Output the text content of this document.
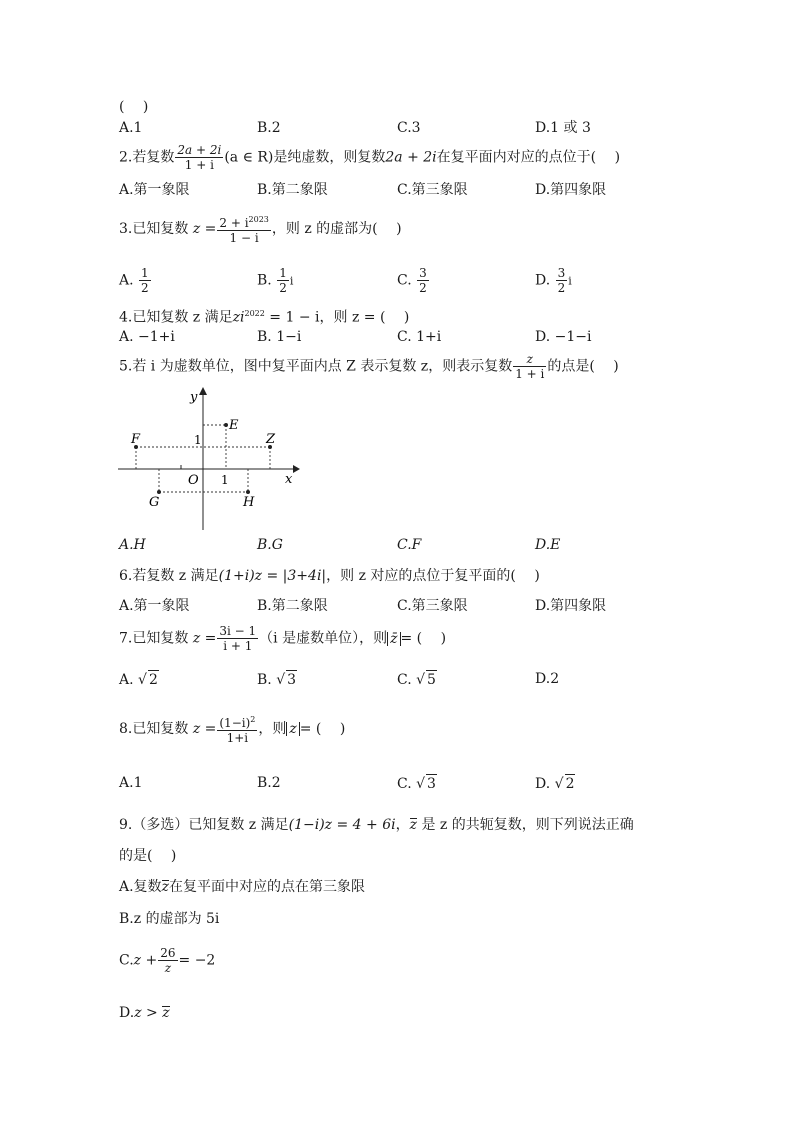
(　 )
A.1	B.2	C.3	D.1 或 3
2.若复数 $\frac{2a + 2i}{1 + i} (a$ ∈ R)是纯虚数，则复数2a + 2i在复平面内对应的点位于(　 )
A.第一象限	B.第二象限	C.第三象限	D.第四象限
3.已知复数 $z = \frac{2 + i^{2023}}{1 - i}$ ，则 z 的虚部为(　 )
A. $\frac{1}{2}$	B. $\frac{1}{2}$ i	C. $\frac{3}{2}$	D. $\frac{3}{2}$ i
4.已知复数 z 满足$zi^{2022} = 1 - i$，则 z = (　 )
A. −1+i	B. 1−i	C. 1+i	D. −1−i
5.若 i 为虚数单位，图中复平面内点 Z 表示复数 z，则表示复数 $\frac{z}{1 + i}$ 的点是(　 )
y
x
O 1
1
E
F	Z
G	H
A.H	B.G	C.F	D.E
6.若复数 z 满足(1+i)z = |3+4i|，则 z 对应的点位于复平面的(　 )
A.第一象限	B.第二象限	C.第三象限	D.第四象限
7.已知复数 $z = \frac{3i - 1}{i + 1} (i$ 是虚数单位），则 z̄ = (　 )
A. √ 2	B. √ 3	C. √ 5	D.2
8.已知复数 $z = \frac{(1-i)^2}{1+i}$ ，则 z = (　 )
A.1	B.2	C. √ 3	D. √ 2
9.（多选）已知复数 z 满足(1−i)z = 4 + 6i，z 是 z 的共轭复数，则下列说法正确
的是(　 )
A.复数z在复平面中对应的点在第三象限
B.z 的虚部为 5i
$C.z + \frac{26}{z} = -2$
D.z > z
